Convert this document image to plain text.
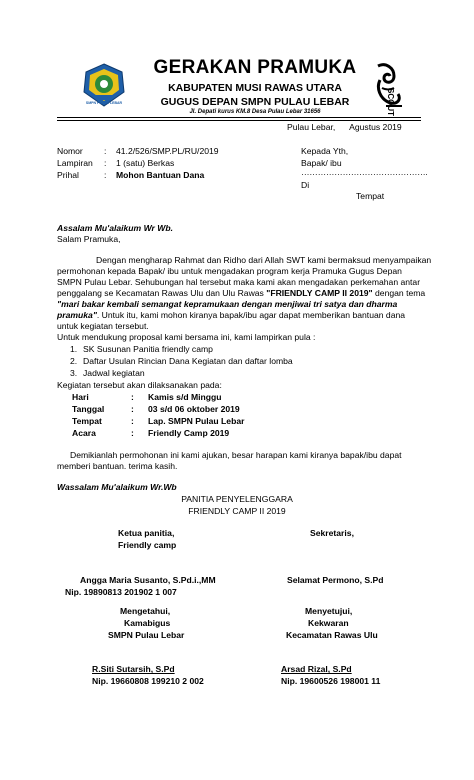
SMPN PULAU LEBAR
GERAKAN PRAMUKA
KABUPATEN MUSI RAWAS UTARA
GUGUS DEPAN SMPN PULAU LEBAR
Jl. Depati kurus KM.8 Desa Pulau Lebar 31656	SCOUT
Pulau Lebar,      Agustus 2019
Nomor : 41.2/526/SMP.PL/RU/2019
Lampiran : 1 (satu) Berkas
Prihal	: Mohon Bantuan Dana
Kepada Yth,
Bapak/ ibu
……………………………………….
Di
Tempat
Assalam Mu'alaikum Wr Wb.
Salam Pramuka,
Dengan mengharap Rahmat dan Ridho dari Allah SWT kami bermaksud menyampaikan
permohonan kepada Bapak/ ibu untuk mengadakan program kerja Pramuka Gugus Depan
SMPN Pulau Lebar. Sehubungan hal tersebut maka kami akan mengadakan perkemahan antar
penggalang se Kecamatan Rawas Ulu dan Ulu Rawas "FRIENDLY CAMP II 2019" dengan tema
"mari bakar kembali semangat kepramukaan dengan menjiwai tri satya dan dharma
pramuka". Untuk itu, kami mohon kiranya bapak/ibu agar dapat memberikan bantuan dana
untuk kegiatan tersebut.
Untuk mendukung proposal kami bersama ini, kami lampirkan pula :
1. SK Susunan Panitia friendly camp
2. Daftar Usulan Rincian Dana Kegiatan dan daftar lomba
3. Jadwal kegiatan
Kegiatan tersebut akan dilaksanakan pada:
Hari	: Kamis s/d Minggu
Tanggal	: 03 s/d 06 oktober 2019
Tempat	: Lap. SMPN Pulau Lebar
Acara	: Friendly Camp 2019
Demikianlah permohonan ini kami ajukan, besar harapan kami kiranya bapak/ibu dapat
memberi bantuan. terima kasih.
Wassalam Mu'alaikum Wr.Wb
PANITIA PENYELENGGARA
FRIENDLY CAMP II 2019
Ketua panitia,
Friendly camp
Sekretaris,
Angga Maria Susanto, S.Pd.i.,MM
Nip. 19890813 201902 1 007
Selamat Permono, S.Pd
Mengetahui,
Kamabigus
SMPN Pulau Lebar
Menyetujui,
Kekwaran
Kecamatan Rawas Ulu
R.Siti Sutarsih, S.Pd
Nip. 19660808 199210 2 002
Arsad Rizal, S.Pd
Nip. 19600526 198001 11
